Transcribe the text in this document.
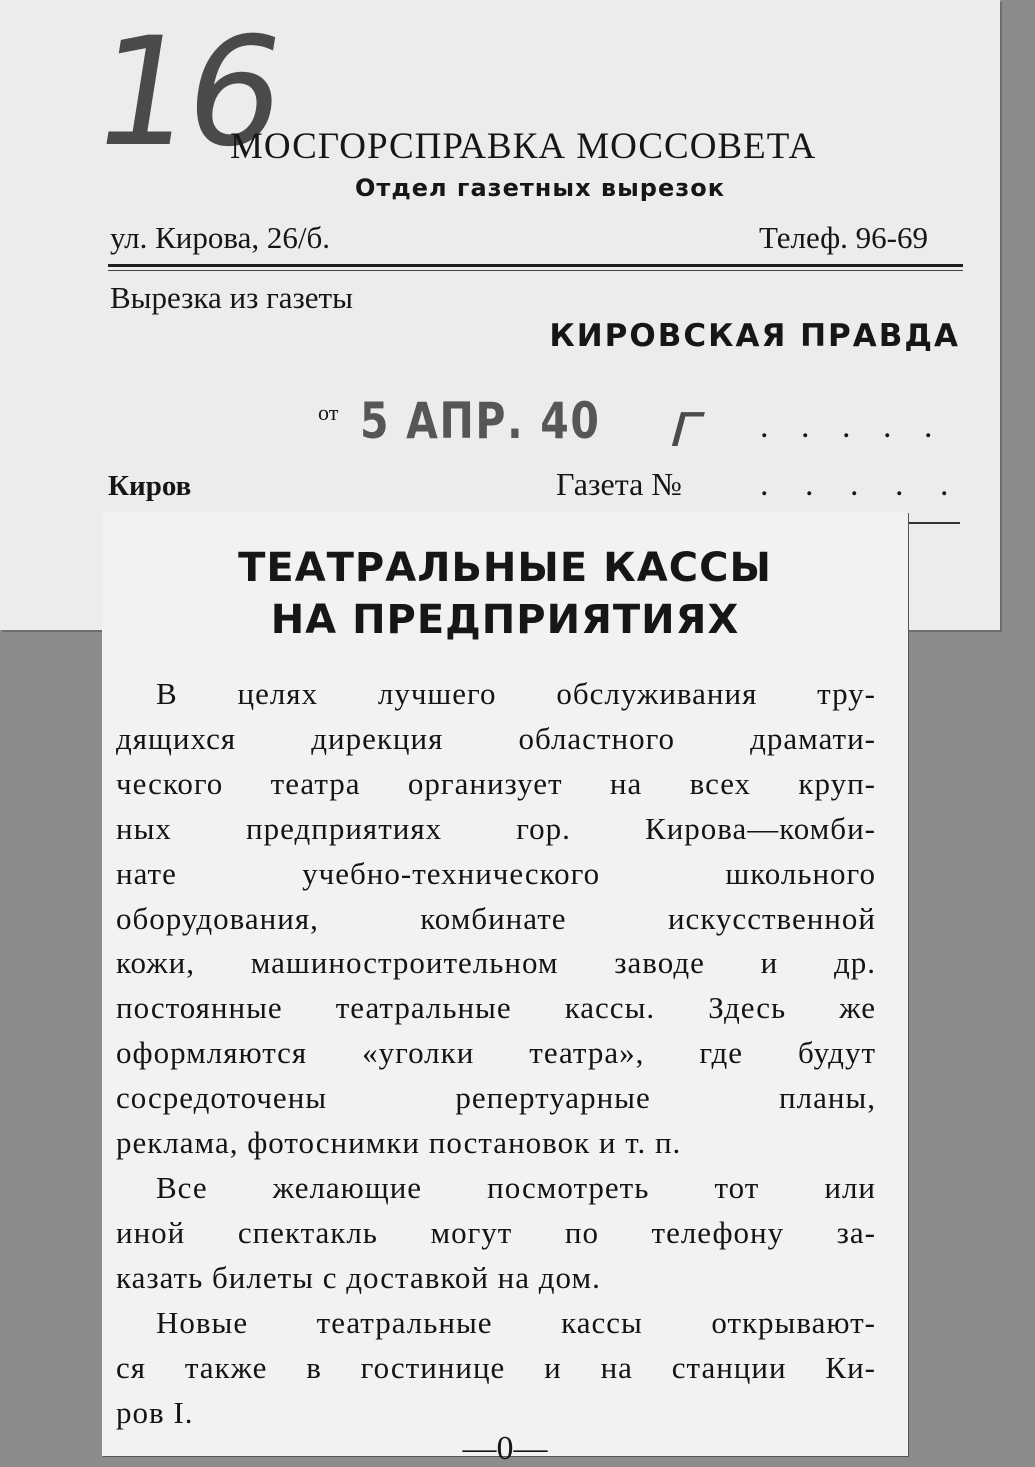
16
МОСГОРСПРАВКА МОССОВЕТА
Отдел газетных вырезок
ул. Кирова, 26/б.	Телеф. 96-69
Вырезка из газеты
КИРОВСКАЯ ПРАВДА
от 5 АПР. 40 г . . . . .
Киров	Газета № . . . . .
ТЕАТРАЛЬНЫЕ КАССЫ
НА ПРЕДПРИЯТИЯХ
В целях лучшего обслуживания тру-
дящихся дирекция областного драмати-
ческого театра организует на всех круп-
ных предприятиях гор. Кирова—комби-
нате учебно-технического школьного
оборудования, комбинате искусственной
кожи, машиностроительном заводе и др.
постоянные театральные кассы. Здесь же
оформляются «уголки театра», где будут
сосредоточены репертуарные планы,
реклама, фотоснимки постановок и т. п.
Все желающие посмотреть тот или
иной спектакль могут по телефону за-
казать билеты с доставкой на дом.
Новые театральные кассы открывают-
ся также в гостинице и на станции Ки-
ров I.
—0—
